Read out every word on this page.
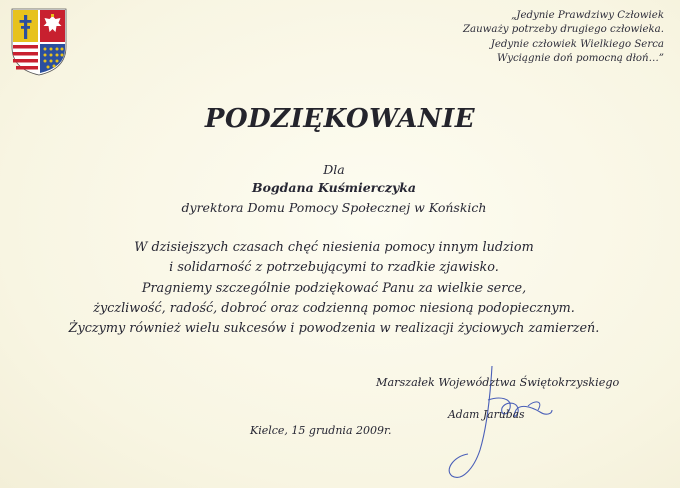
„Jedynie Prawdziwy Człowiek
Zauważy potrzeby drugiego człowieka.
Jedynie człowiek Wielkiego Serca
Wyciągnie doń pomocną dłoń…”
PODZIĘKOWANIE
Dla
Bogdana Kuśmierczyka
dyrektora Domu Pomocy Społecznej w Końskich
W dzisiejszych czasach chęć niesienia pomocy innym ludziom
i solidarność z potrzebującymi to rzadkie zjawisko.
Pragniemy szczególnie podziękować Panu za wielkie serce,
życzliwość, radość, dobroć oraz codzienną pomoc niesioną podopiecznym.
Życzymy również wielu sukcesów i powodzenia w realizacji życiowych zamierzeń.
Marszałek Województwa Świętokrzyskiego
Adam Jarubas
Kielce, 15 grudnia 2009r.
